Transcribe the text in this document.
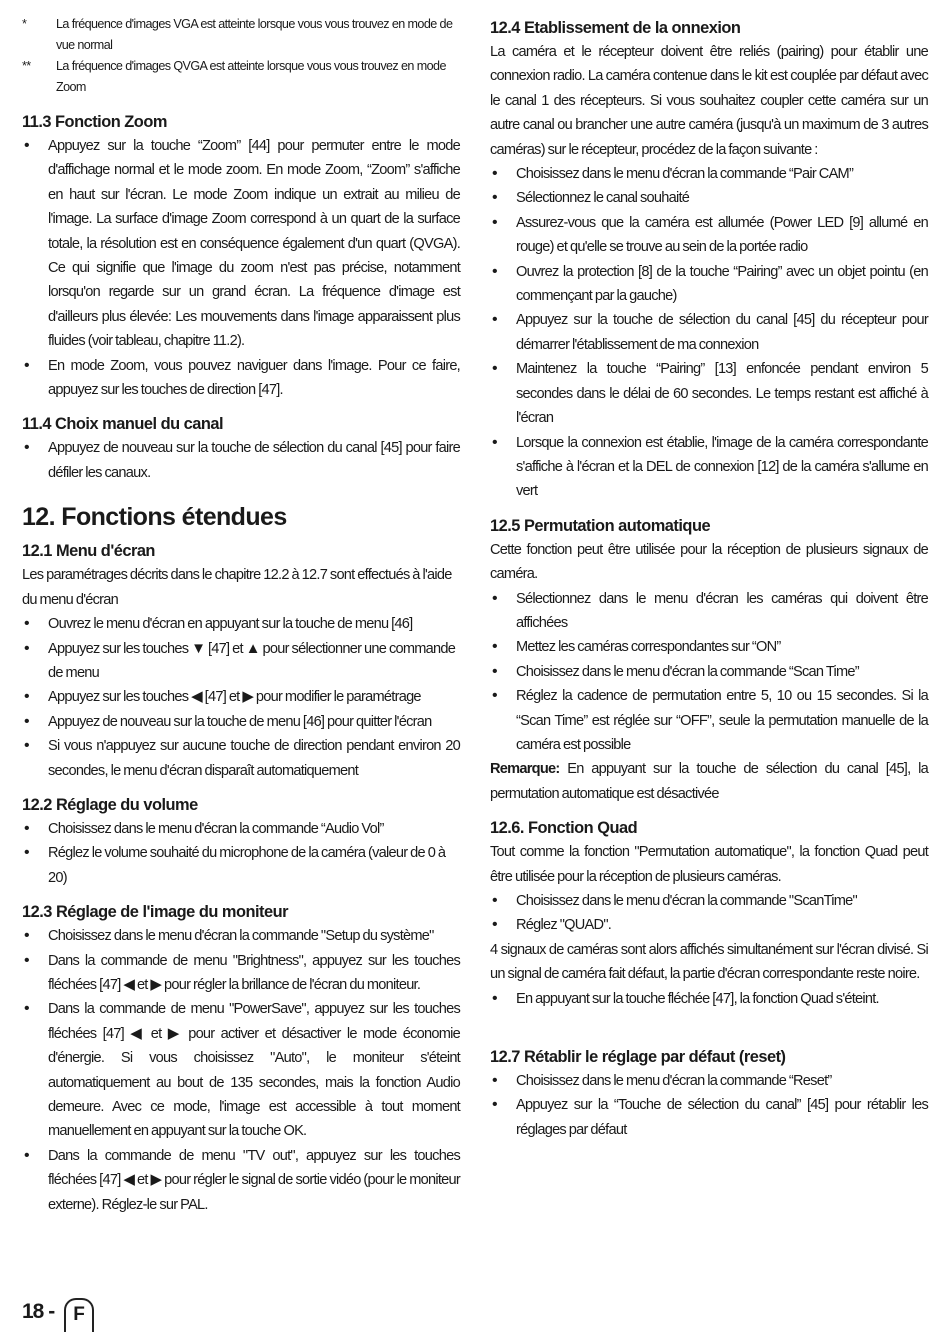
* La fréquence d'images VGA est atteinte lorsque vous vous trouvez en mode de vue normal
** La fréquence d'images QVGA est atteinte lorsque vous vous trouvez en mode Zoom
11.3 Fonction Zoom
• Appuyez sur la touche “Zoom” [44] pour permuter entre le mode d'affichage normal et le mode zoom. En mode Zoom, “Zoom” s'affiche en haut sur l'écran. Le mode Zoom indique un extrait au milieu de l'image. La surface d'image Zoom correspond à un quart de la surface totale, la résolution est en conséquence également d'un quart (QVGA). Ce qui signifie que l'image du zoom n'est pas précise, notamment lorsqu'on regarde sur un grand écran. La fréquence d'image est d'ailleurs plus élevée: Les mouvements dans l'image apparaissent plus fluides (voir tableau, chapitre 11.2).
• En mode Zoom, vous pouvez naviguer dans l'image. Pour ce faire, appuyez sur les touches de direction [47].
11.4 Choix manuel du canal
• Appuyez de nouveau sur la touche de sélection du canal [45] pour faire défiler les canaux.
12. Fonctions étendues
12.1 Menu d'écran
Les paramétrages décrits dans le chapitre 12.2 à 12.7 sont effectués à l'aide du menu d'écran
• Ouvrez le menu d'écran en appuyant sur la touche de menu [46]
• Appuyez sur les touches ▼ [47] et ▲ pour sélectionner une commande de menu
• Appuyez sur les touches ◀ [47] et ▶ pour modifier le paramétrage
• Appuyez de nouveau sur la touche de menu [46] pour quitter l'écran
• Si vous n'appuyez sur aucune touche de direction pendant environ 20 secondes, le menu d'écran disparaît automatiquement
12.2 Réglage du volume
• Choisissez dans le menu d'écran la commande “Audio Vol”
• Réglez le volume souhaité du microphone de la caméra (valeur de 0 à 20)
12.3 Réglage de l'image du moniteur
• Choisissez dans le menu d'écran la commande "Setup du système"
• Dans la commande de menu "Brightness", appuyez sur les touches fléchées [47] ◀ et ▶ pour régler la brillance de l'écran du moniteur.
• Dans la commande de menu "PowerSave", appuyez sur les touches fléchées [47] ◀ et ▶ pour activer et désactiver le mode économie d'énergie. Si vous choisissez "Auto", le moniteur s'éteint automatiquement au bout de 135 secondes, mais la fonction Audio demeure. Avec ce mode, l'image est accessible à tout moment manuellement en appuyant sur la touche OK.
• Dans la commande de menu "TV out", appuyez sur les touches fléchées [47] ◀ et ▶ pour régler le signal de sortie vidéo (pour le moniteur externe). Réglez-le sur PAL.
12.4 Etablissement de la onnexion
La caméra et le récepteur doivent être reliés (pairing) pour établir une connexion radio. La caméra contenue dans le kit est couplée par défaut avec le canal 1 des récepteurs. Si vous souhaitez coupler cette caméra sur un autre canal ou brancher une autre caméra (jusqu'à un maximum de 3 autres caméras) sur le récepteur, procédez de la façon suivante :
• Choisissez dans le menu d'écran la commande “Pair CAM”
• Sélectionnez le canal souhaité
• Assurez-vous que la caméra est allumée (Power LED [9] allumé en rouge) et qu'elle se trouve au sein de la portée radio
• Ouvrez la protection [8] de la touche “Pairing” avec un objet pointu (en commençant par la gauche)
• Appuyez sur la touche de sélection du canal [45] du récepteur pour démarrer l'établissement de ma connexion
• Maintenez la touche “Pairing” [13] enfoncée pendant environ 5 secondes dans le délai de 60 secondes. Le temps restant est affiché à l'écran
• Lorsque la connexion est établie, l'image de la caméra correspondante s'affiche à l'écran et la DEL de connexion [12] de la caméra s'allume en vert
12.5 Permutation automatique
Cette fonction peut être utilisée pour la réception de plusieurs signaux de caméra.
• Sélectionnez dans le menu d'écran les caméras qui doivent être affichées
• Mettez les caméras correspondantes sur “ON”
• Choisissez dans le menu d'écran la commande “Scan Time”
• Réglez la cadence de permutation entre 5, 10 ou 15 secondes. Si la “Scan Time” est réglée sur “OFF”, seule la permutation manuelle de la caméra est possible
Remarque: En appuyant sur la touche de sélection du canal [45], la permutation automatique est désactivée
12.6. Fonction Quad
Tout comme la fonction "Permutation automatique", la fonction Quad peut être utilisée pour la réception de plusieurs caméras.
• Choisissez dans le menu d'écran la commande "ScanTime"
• Réglez "QUAD".
4 signaux de caméras sont alors affichés simultanément sur l'écran divisé. Si un signal de caméra fait défaut, la partie d'écran correspondante reste noire.
• En appuyant sur la touche fléchée [47], la fonction Quad s'éteint.
12.7 Rétablir le réglage par défaut (reset)
• Choisissez dans le menu d'écran la commande “Reset”
• Appuyez sur la “Touche de sélection du canal” [45] pour rétablir les réglages par défaut
18 -	F
